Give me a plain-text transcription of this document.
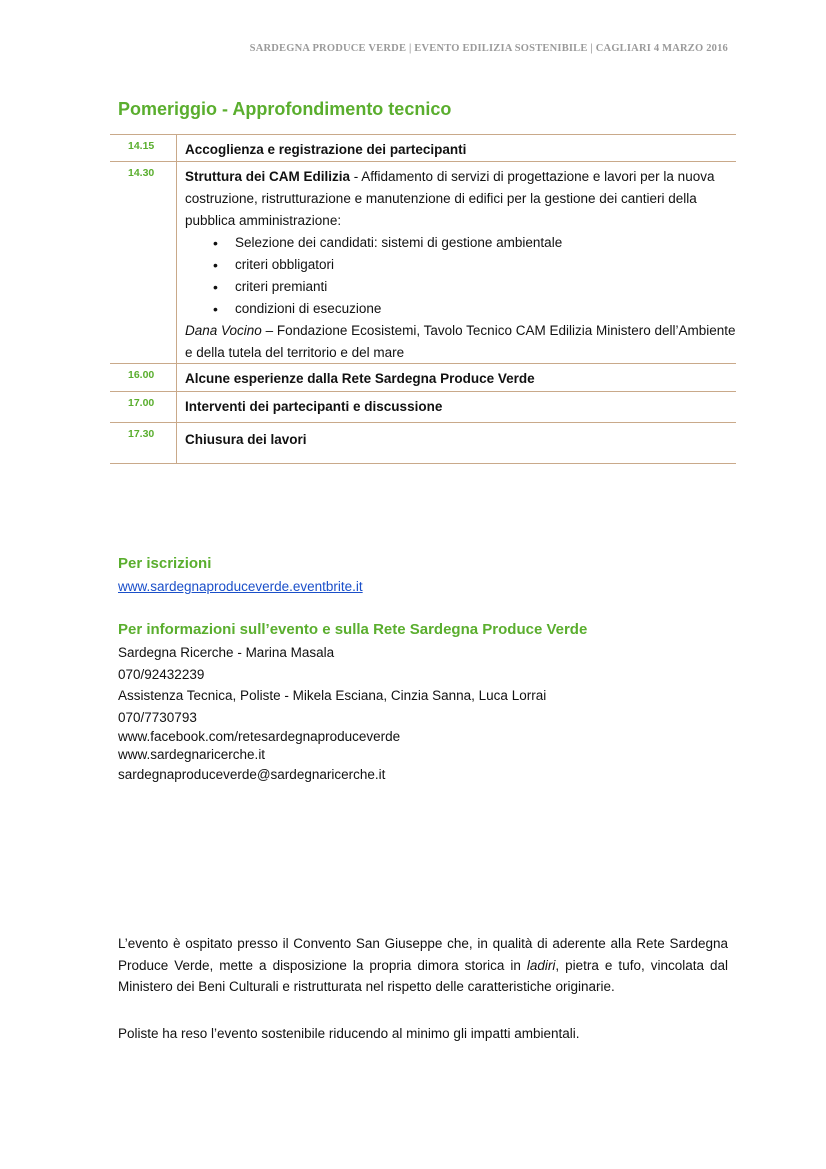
SARDEGNA PRODUCE VERDE | EVENTO EDILIZIA SOSTENIBILE | CAGLIARI 4 MARZO 2016
Pomeriggio - Approfondimento tecnico
14.15	Accoglienza e registrazione dei partecipanti
14.30	Struttura dei CAM Edilizia - Affidamento di servizi di progettazione e lavori per la nuova costruzione, ristrutturazione e manutenzione di edifici per la gestione dei cantieri della pubblica amministrazione:
• Selezione dei candidati: sistemi di gestione ambientale
• criteri obbligatori
• criteri premianti
• condizioni di esecuzione
Dana Vocino – Fondazione Ecosistemi, Tavolo Tecnico CAM Edilizia Ministero dell’Ambiente e della tutela del territorio e del mare
16.00	Alcune esperienze dalla Rete Sardegna Produce Verde
17.00	Interventi dei partecipanti e discussione
17.30	Chiusura dei lavori
Per iscrizioni
www.sardegnaproduceverde.eventbrite.it
Per informazioni sull’evento e sulla Rete Sardegna Produce Verde
Sardegna Ricerche - Marina Masala
070/92432239
Assistenza Tecnica, Poliste - Mikela Esciana, Cinzia Sanna, Luca Lorrai
070/7730793
www.facebook.com/retesardegnaproduceverde
www.sardegnaricerche.it
sardegnaproduceverde@sardegnaricerche.it
L’evento è ospitato presso il Convento San Giuseppe che, in qualità di aderente alla Rete Sardegna Produce Verde, mette a disposizione la propria dimora storica in ladiri, pietra e tufo, vincolata dal Ministero dei Beni Culturali e ristrutturata nel rispetto delle caratteristiche originarie.
Poliste ha reso l’evento sostenibile riducendo al minimo gli impatti ambientali.
